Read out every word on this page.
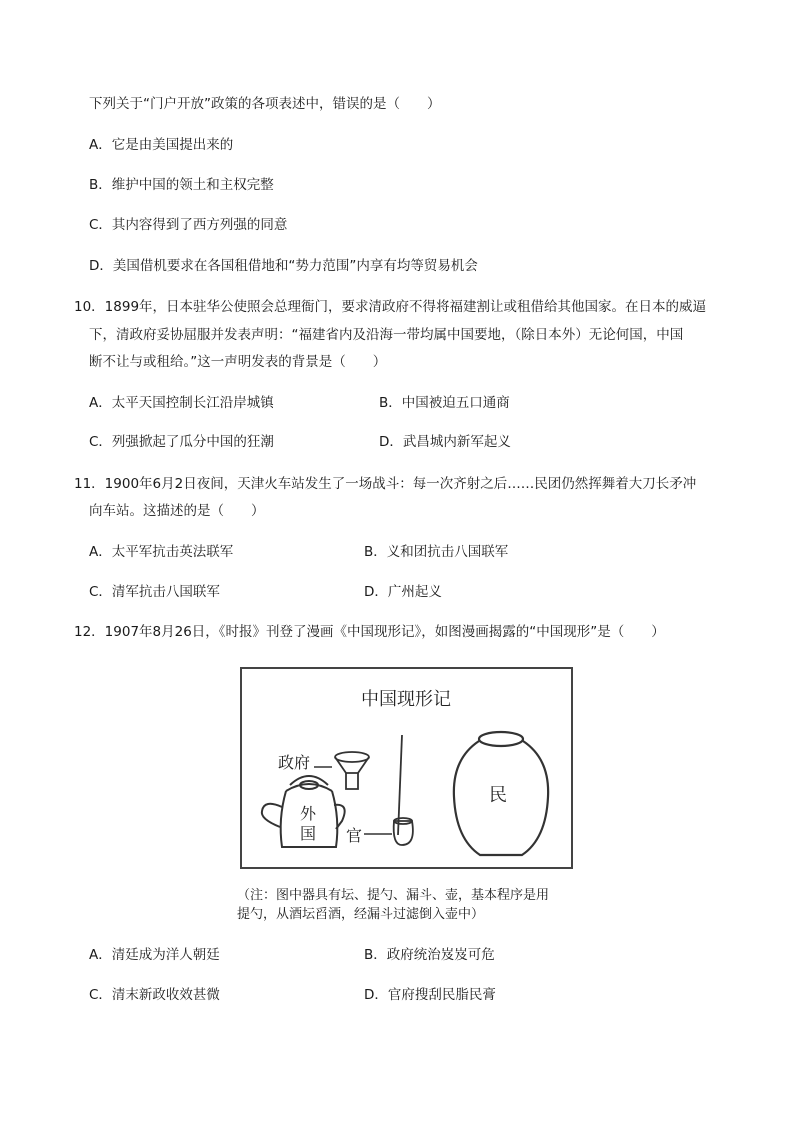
下列关于“门户开放”政策的各项表述中，错误的是（　　）
A．它是由美国提出来的
B．维护中国的领土和主权完整
C．其内容得到了西方列强的同意
D．美国借机要求在各国租借地和“势力范围”内享有均等贸易机会
10．1899年，日本驻华公使照会总理衙门，要求清政府不得将福建割让或租借给其他国家。在日本的威逼
下，清政府妥协屈服并发表声明：“福建省内及沿海一带均属中国要地，（除日本外）无论何国，中国
断不让与或租给。”这一声明发表的背景是（　　）
A．太平天国控制长江沿岸城镇	B．中国被迫五口通商
C．列强掀起了瓜分中国的狂潮	D．武昌城内新军起义
11．1900年6月2日夜间，天津火车站发生了一场战斗：每一次齐射之后……民团仍然挥舞着大刀长矛冲
向车站。这描述的是（　　）
A．太平军抗击英法联军	B．义和团抗击八国联军
C．清军抗击八国联军	D．广州起义
12．1907年8月26日，《时报》刊登了漫画《中国现形记》，如图漫画揭露的“中国现形”是（　　）
中国现形记
政府
官
外
国
民
（注：图中器具有坛、提勺、漏斗、壶，基本程序是用
提勺，从酒坛舀酒，经漏斗过滤倒入壶中）
A．清廷成为洋人朝廷	B．政府统治岌岌可危
C．清末新政收效甚微	D．官府搜刮民脂民膏
